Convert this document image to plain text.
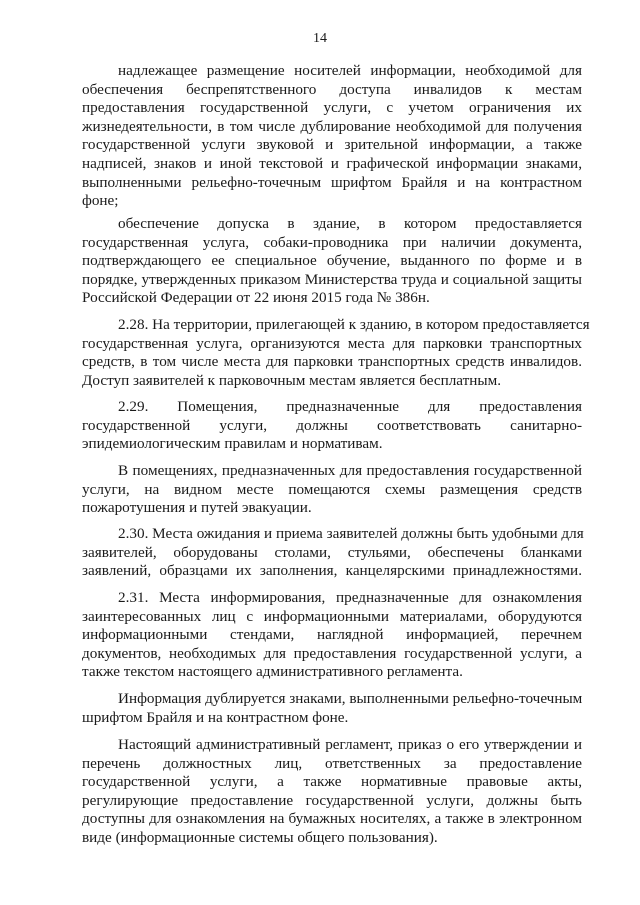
14
надлежащее размещение носителей информации, необходимой для
обеспечения беспрепятственного доступа инвалидов к местам
предоставления государственной услуги, с учетом ограничения их
жизнедеятельности, в том числе дублирование необходимой для получения
государственной услуги звуковой и зрительной информации, а также
надписей, знаков и иной текстовой и графической информации знаками,
выполненными рельефно-точечным шрифтом Брайля и на контрастном
фоне;
обеспечение допуска в здание, в котором предоставляется
государственная услуга, собаки-проводника при наличии документа,
подтверждающего ее специальное обучение, выданного по форме и в
порядке, утвержденных приказом Министерства труда и социальной защиты
Российской Федерации от 22 июня 2015 года № 386н.
2.28. На территории, прилегающей к зданию, в котором предоставляется
государственная услуга, организуются места для парковки транспортных
средств, в том числе места для парковки транспортных средств инвалидов.
Доступ заявителей к парковочным местам является бесплатным.
2.29. Помещения, предназначенные для предоставления
государственной услуги, должны соответствовать санитарно-
эпидемиологическим правилам и нормативам.
В помещениях, предназначенных для предоставления государственной
услуги, на видном месте помещаются схемы размещения средств
пожаротушения и путей эвакуации.
2.30. Места ожидания и приема заявителей должны быть удобными для
заявителей, оборудованы столами, стульями, обеспечены бланками
заявлений, образцами их заполнения, канцелярскими принадлежностями.
2.31. Места информирования, предназначенные для ознакомления
заинтересованных лиц с информационными материалами, оборудуются
информационными стендами, наглядной информацией, перечнем
документов, необходимых для предоставления государственной услуги, а
также текстом настоящего административного регламента.
Информация дублируется знаками, выполненными рельефно-точечным
шрифтом Брайля и на контрастном фоне.
Настоящий административный регламент, приказ о его утверждении и
перечень должностных лиц, ответственных за предоставление
государственной услуги, а также нормативные правовые акты,
регулирующие предоставление государственной услуги, должны быть
доступны для ознакомления на бумажных носителях, а также в электронном
виде (информационные системы общего пользования).
